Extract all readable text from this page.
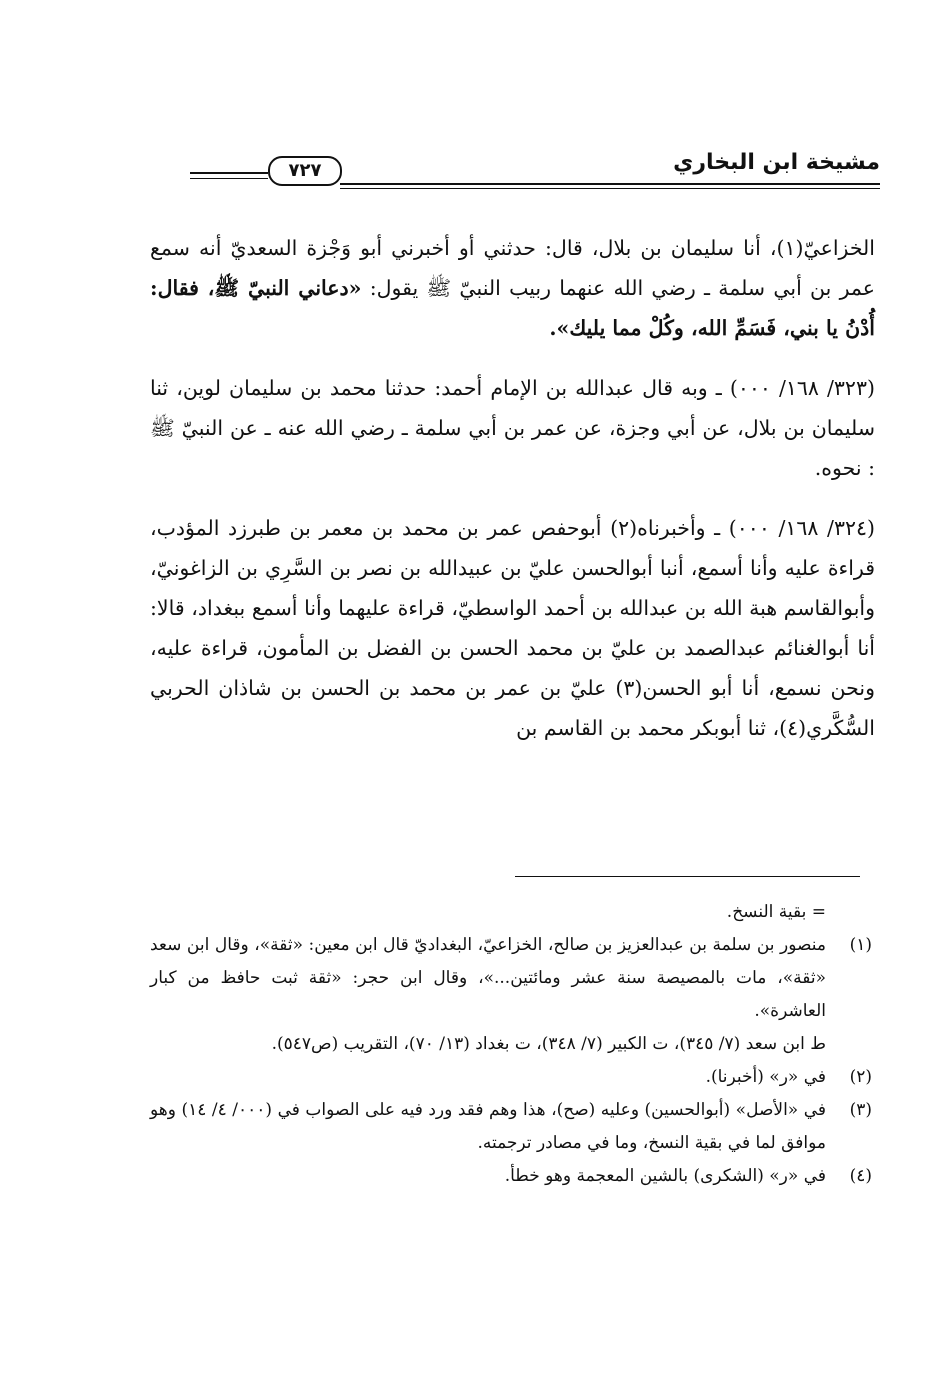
مشيخة ابن البخاري
٧٢٧

الخزاعيّ(١)، أنا سليمان بن بلال، قال: حدثني أو أخبرني أبو وَجْزة السعديّ أنه سمع عمر بن أبي سلمة ـ رضي الله عنهما ربيب النبيّ ﷺ يقول: «دعاني النبيّ ﷺ، فقال: أُدْنُ يا بني، فَسَمِّ الله، وكُلْ مما يليك».

(٣٢٣/ ١٦٨/ ٠٠٠) ـ وبه قال عبدالله بن الإمام أحمد: حدثنا محمد بن سليمان لوين، ثنا سليمان بن بلال، عن أبي وجزة، عن عمر بن أبي سلمة ـ رضي الله عنه ـ عن النبيّ ﷺ : نحوه.

(٣٢٤/ ١٦٨/ ٠٠٠) ـ وأخبرناه(٢) أبوحفص عمر بن محمد بن معمر بن طبرزد المؤدب، قراءة عليه وأنا أسمع، أنبا أبوالحسن عليّ بن عبيدالله بن نصر بن السَّرِي بن الزاغونيّ، وأبوالقاسم هبة الله بن عبدالله بن أحمد الواسطيّ، قراءة عليهما وأنا أسمع ببغداد، قالا: أنا أبوالغنائم عبدالصمد بن عليّ بن محمد الحسن بن الفضل بن المأمون، قراءة عليه، ونحن نسمع، أنا أبو الحسن(٣) عليّ بن عمر بن محمد بن الحسن بن شاذان الحربي السُّكَّري(٤)، ثنا أبوبكر محمد بن القاسم بن

= بقية النسخ.

(١)
منصور بن سلمة بن عبدالعزيز بن صالح، الخزاعيّ، البغداديّ قال ابن معين: «ثقة»، وقال ابن سعد «ثقة»، مات بالمصيصة سنة عشر ومائتين...»، وقال ابن حجر: «ثقة ثبت حافظ من كبار العاشرة».

ط ابن سعد (٧/ ٣٤٥)، ت الكبير (٧/ ٣٤٨)، ت بغداد (١٣/ ٧٠)، التقريب (ص٥٤٧).

(٢)
في «ر» (أخبرنا).

(٣)
في «الأصل» (أبوالحسين) وعليه (صح)، هذا وهم فقد ورد فيه على الصواب في (٠٠٠/ ٤/ ١٤) وهو موافق لما في بقية النسخ، وما في مصادر ترجمته.

(٤)
في «ر» (الشكرى) بالشين المعجمة وهو خطأ.
